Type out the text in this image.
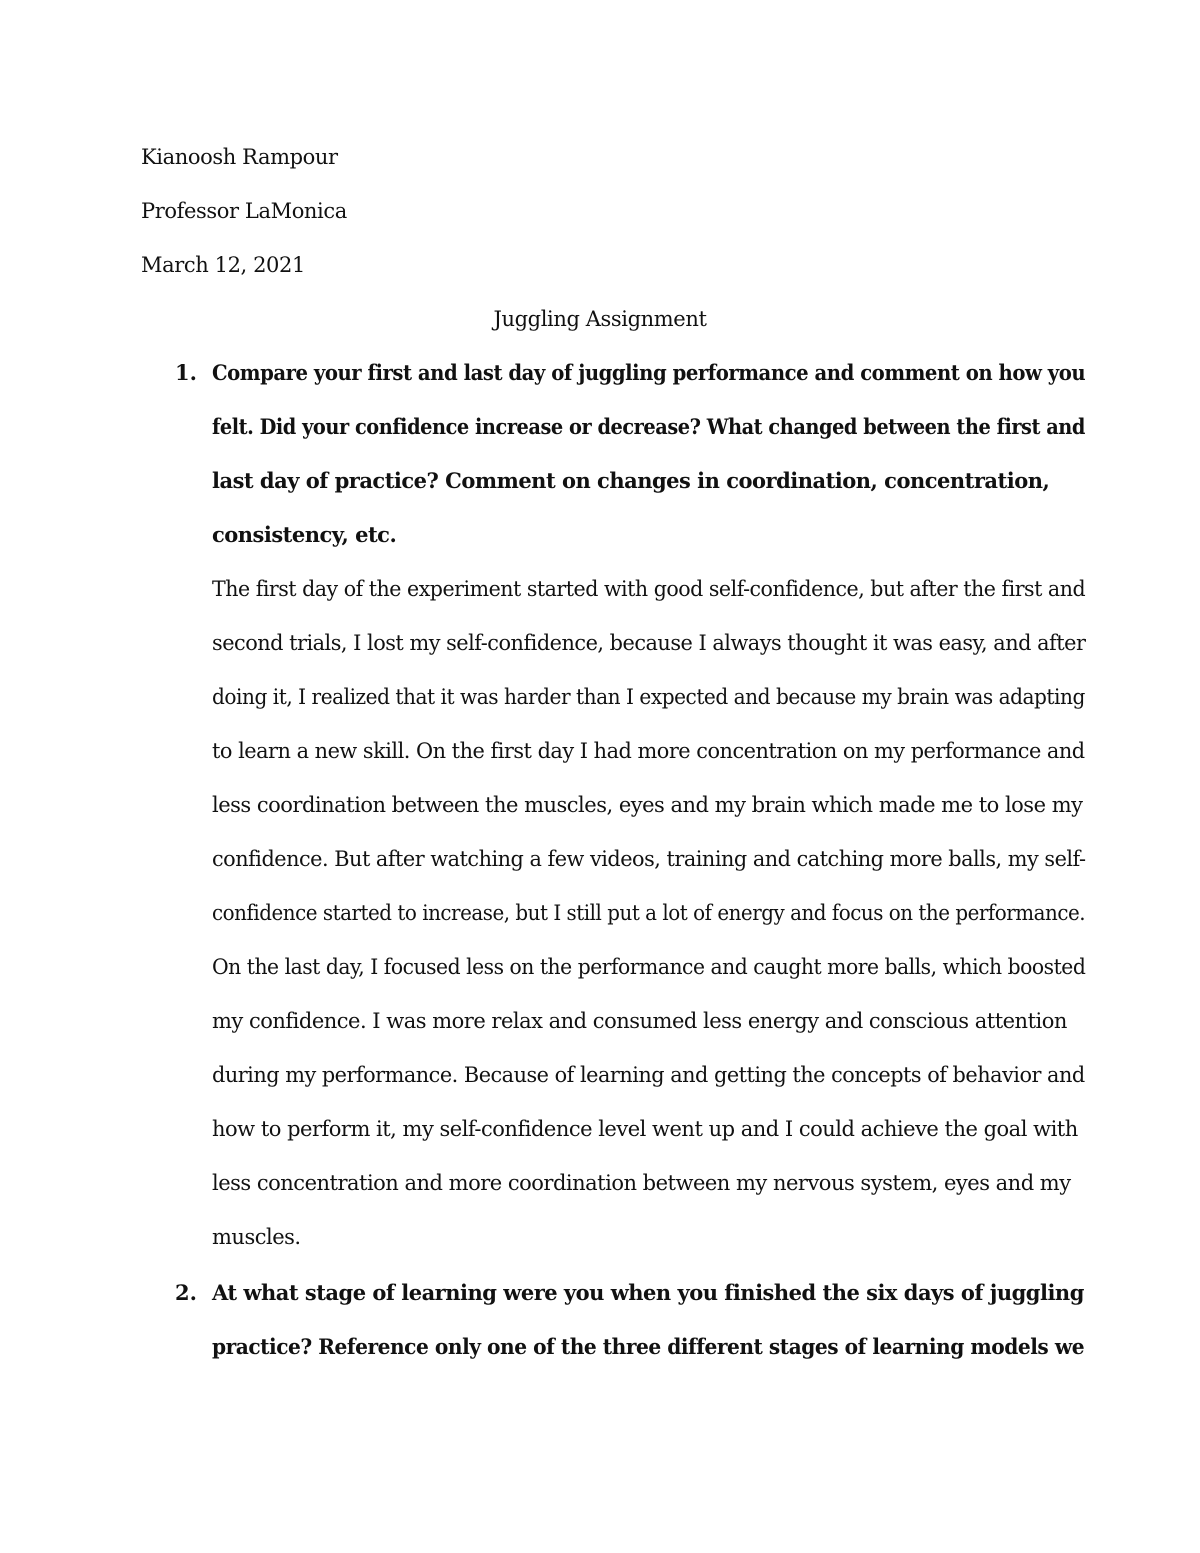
Kianoosh Rampour
Professor LaMonica
March 12, 2021
Juggling Assignment
1. Compare your first and last day of juggling performance and comment on how you
felt. Did your confidence increase or decrease? What changed between the first and
last day of practice? Comment on changes in coordination, concentration,
consistency, etc.
The first day of the experiment started with good self-confidence, but after the first and
second trials, I lost my self-confidence, because I always thought it was easy, and after
doing it, I realized that it was harder than I expected and because my brain was adapting
to learn a new skill. On the first day I had more concentration on my performance and
less coordination between the muscles, eyes and my brain which made me to lose my
confidence. But after watching a few videos, training and catching more balls, my self-
confidence started to increase, but I still put a lot of energy and focus on the performance.
On the last day, I focused less on the performance and caught more balls, which boosted
my confidence. I was more relax and consumed less energy and conscious attention
during my performance. Because of learning and getting the concepts of behavior and
how to perform it, my self-confidence level went up and I could achieve the goal with
less concentration and more coordination between my nervous system, eyes and my
muscles.
2. At what stage of learning were you when you finished the six days of juggling
practice? Reference only one of the three different stages of learning models we
